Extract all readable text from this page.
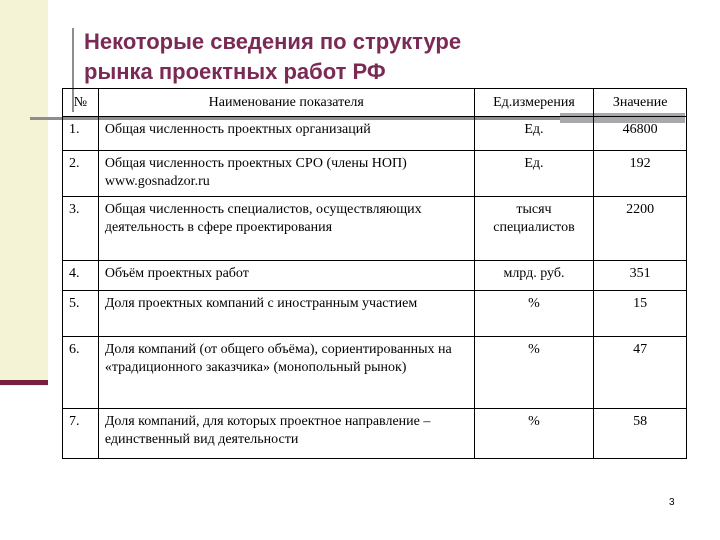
Некоторые сведения по структуре
рынка проектных работ РФ
№	Наименование показателя	Ед.измерения	Значение
1.	Общая численность проектных организаций	Ед.	46800
2.	Общая численность проектных СРО (члены НОП) www.gosnadzor.ru	Ед.	192
3.	Общая численность специалистов, осуществляющих деятельность в сфере проектирования	тысяч специалистов	2200
4.	Объём проектных работ	млрд. руб.	351
5.	Доля проектных компаний с иностранным участием	%	15
6.	Доля компаний (от общего объёма), сориентированных на «традиционного заказчика» (монопольный рынок)	%	47
7.	Доля компаний, для которых проектное направление – единственный вид деятельности	%	58
3
